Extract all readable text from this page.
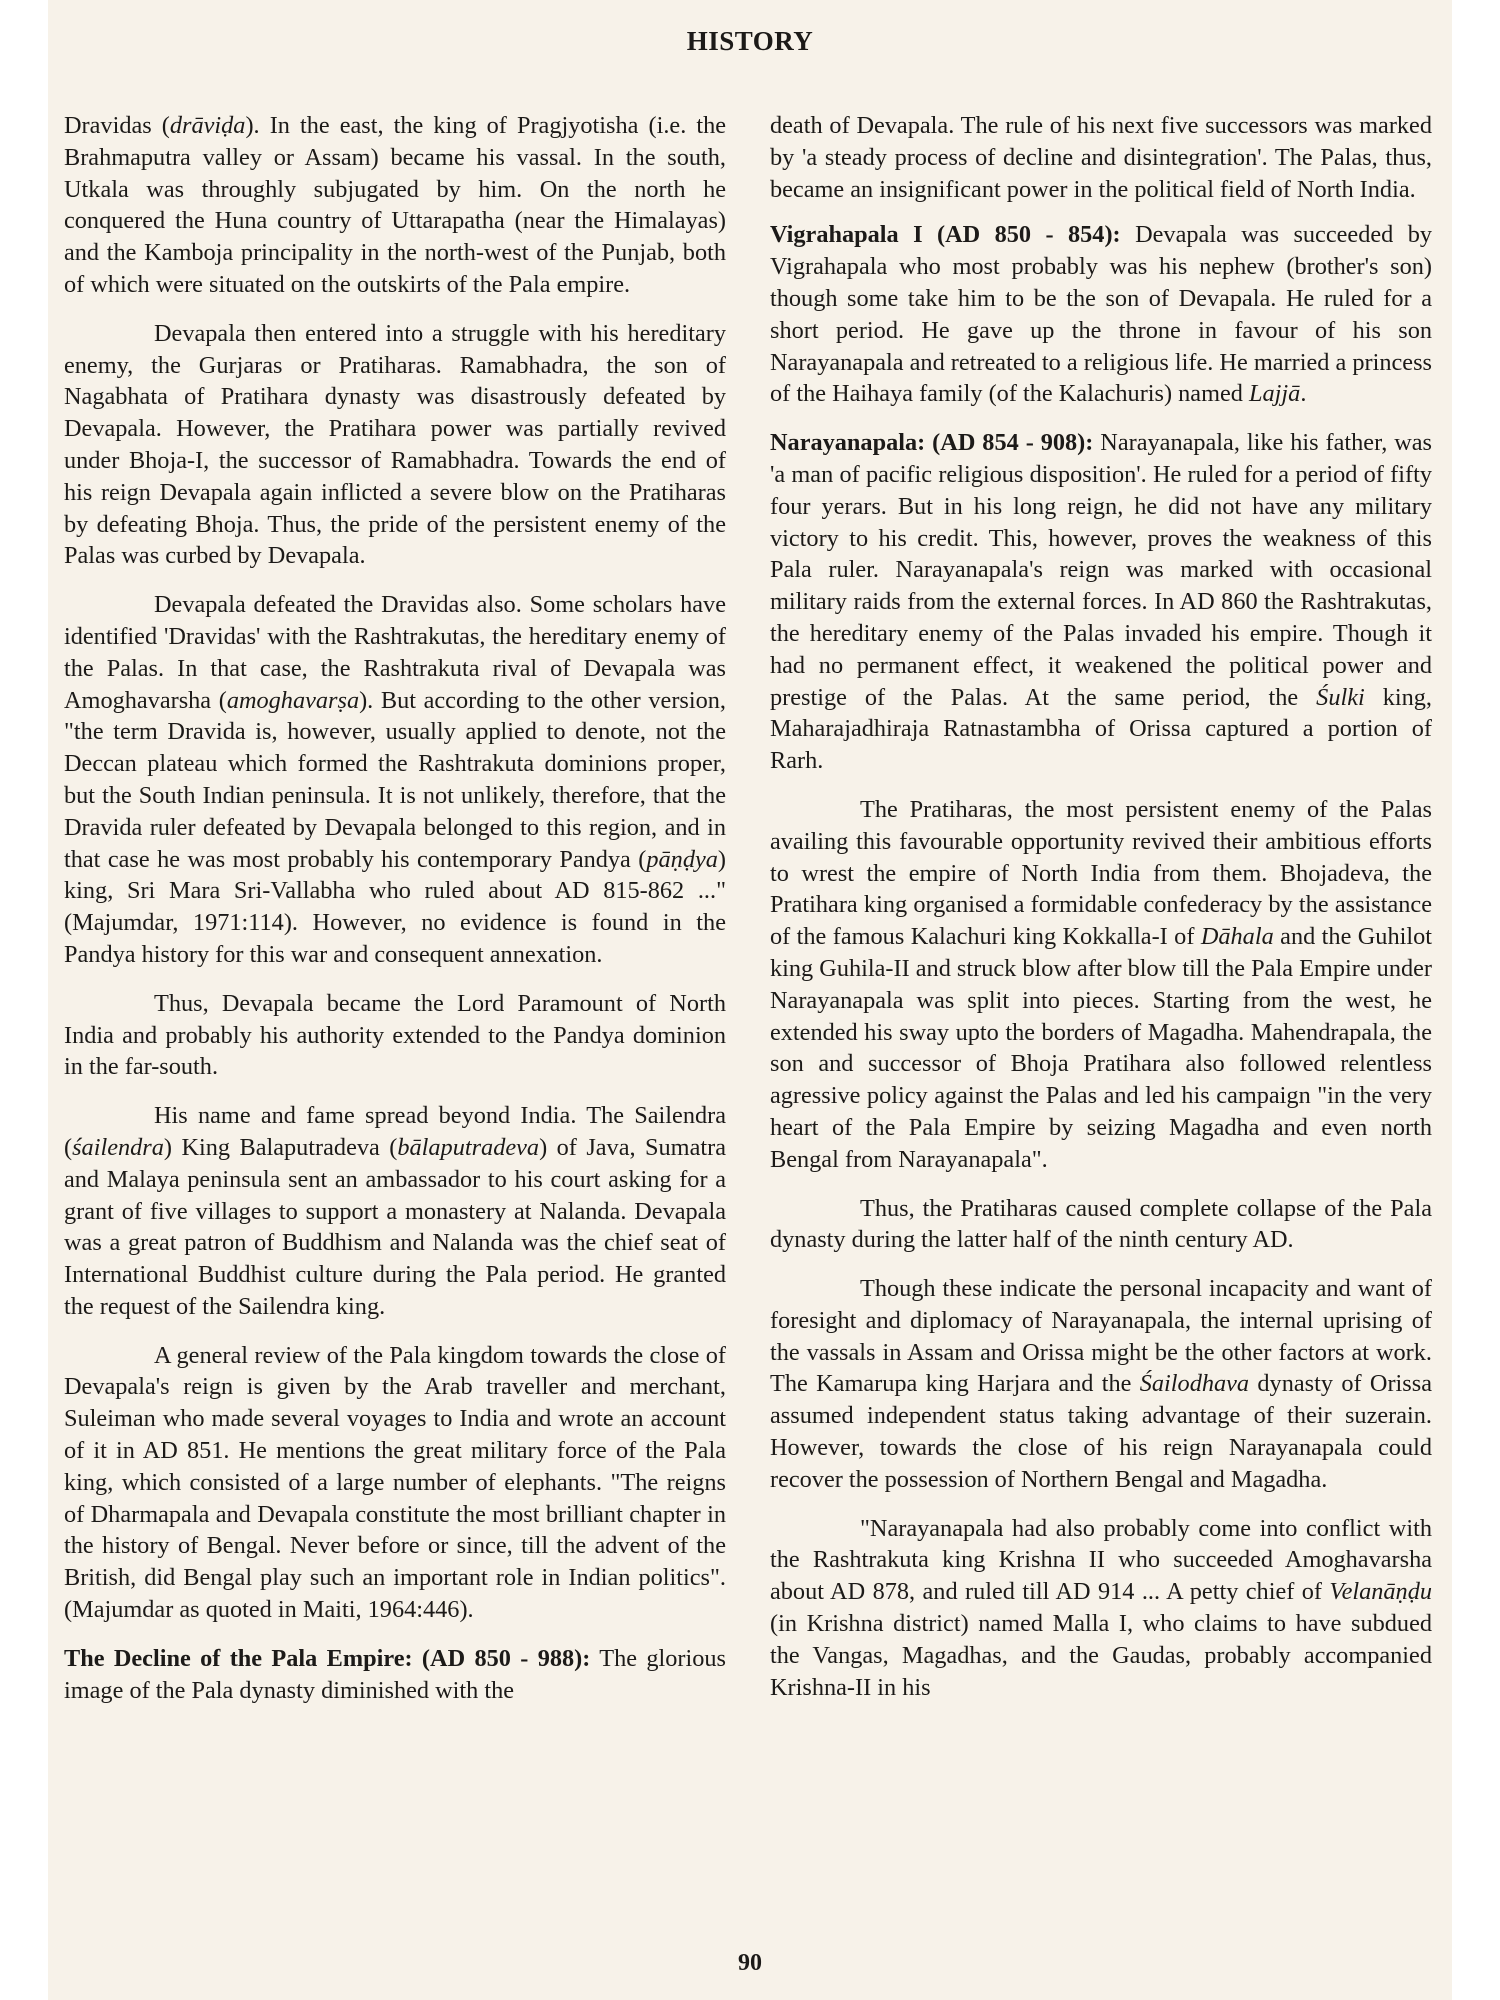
HISTORY

Dravidas (drāviḍa). In the east, the king of Pragjyotisha (i.e. the Brahmaputra valley or Assam) became his vassal. In the south, Utkala was throughly subjugated by him. On the north he conquered the Huna country of Uttarapatha (near the Himalayas) and the Kamboja principality in the north-west of the Punjab, both of which were situated on the outskirts of the Pala empire.

Devapala then entered into a struggle with his hereditary enemy, the Gurjaras or Pratiharas. Ramabhadra, the son of Nagabhata of Pratihara dynasty was disastrously defeated by Devapala. However, the Pratihara power was partially revived under Bhoja-I, the successor of Ramabhadra. Towards the end of his reign Devapala again inflicted a severe blow on the Pratiharas by defeating Bhoja. Thus, the pride of the persistent enemy of the Palas was curbed by Devapala.

Devapala defeated the Dravidas also. Some scholars have identified 'Dravidas' with the Rashtrakutas, the hereditary enemy of the Palas. In that case, the Rashtrakuta rival of Devapala was Amoghavarsha (amoghavarṣa). But according to the other version, "the term Dravida is, however, usually applied to denote, not the Deccan plateau which formed the Rashtrakuta dominions proper, but the South Indian peninsula. It is not unlikely, therefore, that the Dravida ruler defeated by Devapala belonged to this region, and in that case he was most probably his contemporary Pandya (pāṇḍya) king, Sri Mara Sri-Vallabha who ruled about AD 815-862 ..." (Majumdar, 1971:114). However, no evidence is found in the Pandya history for this war and consequent annexation.

Thus, Devapala became the Lord Paramount of North India and probably his authority extended to the Pandya dominion in the far-south.

His name and fame spread beyond India. The Sailendra (śailendra) King Balaputradeva (bālaputradeva) of Java, Sumatra and Malaya peninsula sent an ambassador to his court asking for a grant of five villages to support a monastery at Nalanda. Devapala was a great patron of Buddhism and Nalanda was the chief seat of International Buddhist culture during the Pala period. He granted the request of the Sailendra king.

A general review of the Pala kingdom towards the close of Devapala's reign is given by the Arab traveller and merchant, Suleiman who made several voyages to India and wrote an account of it in AD 851. He mentions the great military force of the Pala king, which consisted of a large number of elephants. "The reigns of Dharmapala and Devapala constitute the most brilliant chapter in the history of Bengal. Never before or since, till the advent of the British, did Bengal play such an important role in Indian politics". (Majumdar as quoted in Maiti, 1964:446).

The Decline of the Pala Empire: (AD 850 - 988): The glorious image of the Pala dynasty diminished with the

death of Devapala. The rule of his next five successors was marked by 'a steady process of decline and disintegration'. The Palas, thus, became an insignificant power in the political field of North India.

Vigrahapala I (AD 850 - 854): Devapala was succeeded by Vigrahapala who most probably was his nephew (brother's son) though some take him to be the son of Devapala. He ruled for a short period. He gave up the throne in favour of his son Narayanapala and retreated to a religious life. He married a princess of the Haihaya family (of the Kalachuris) named Lajjā.

Narayanapala: (AD 854 - 908): Narayanapala, like his father, was 'a man of pacific religious disposition'. He ruled for a period of fifty four yerars. But in his long reign, he did not have any military victory to his credit. This, however, proves the weakness of this Pala ruler. Narayanapala's reign was marked with occasional military raids from the external forces. In AD 860 the Rashtrakutas, the hereditary enemy of the Palas invaded his empire. Though it had no permanent effect, it weakened the political power and prestige of the Palas. At the same period, the Śulki king, Maharajadhiraja Ratnastambha of Orissa captured a portion of Rarh.

The Pratiharas, the most persistent enemy of the Palas availing this favourable opportunity revived their ambitious efforts to wrest the empire of North India from them. Bhojadeva, the Pratihara king organised a formidable confederacy by the assistance of the famous Kalachuri king Kokkalla-I of Dāhala and the Guhilot king Guhila-II and struck blow after blow till the Pala Empire under Narayanapala was split into pieces. Starting from the west, he extended his sway upto the borders of Magadha. Mahendrapala, the son and successor of Bhoja Pratihara also followed relentless agressive policy against the Palas and led his campaign "in the very heart of the Pala Empire by seizing Magadha and even north Bengal from Narayanapala".

Thus, the Pratiharas caused complete collapse of the Pala dynasty during the latter half of the ninth century AD.

Though these indicate the personal incapacity and want of foresight and diplomacy of Narayanapala, the internal uprising of the vassals in Assam and Orissa might be the other factors at work. The Kamarupa king Harjara and the Śailodhava dynasty of Orissa assumed independent status taking advantage of their suzerain. However, towards the close of his reign Narayanapala could recover the possession of Northern Bengal and Magadha.

"Narayanapala had also probably come into conflict with the Rashtrakuta king Krishna II who succeeded Amoghavarsha about AD 878, and ruled till AD 914 ... A petty chief of Velanāṇḍu (in Krishna district) named Malla I, who claims to have subdued the Vangas, Magadhas, and the Gaudas, probably accompanied Krishna-II in his

90
